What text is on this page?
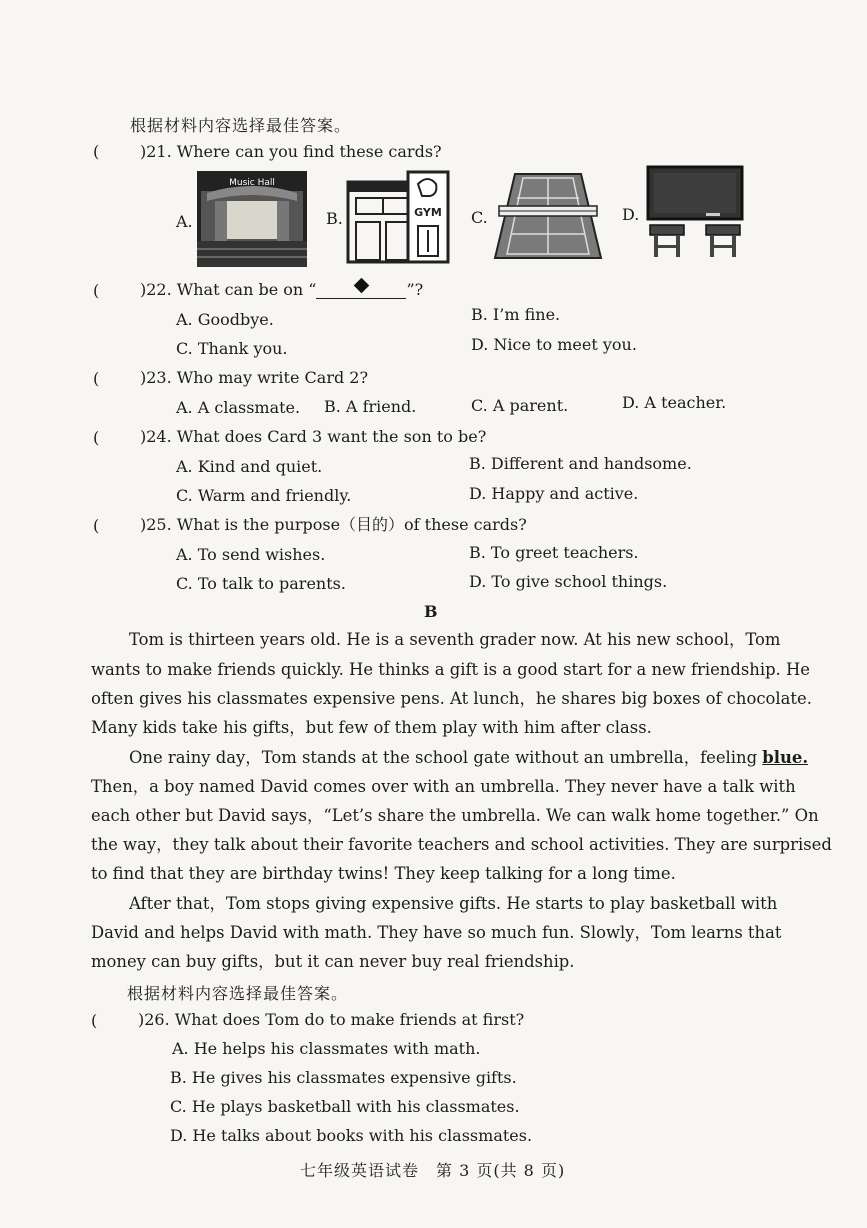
根据材料内容选择最佳答案。
(	)21. Where can you find these cards?
A.
Music Hall
B.	GYM C.	D.
(	)22. What can be on “	”?
A. Goodbye.	B. I’m fine.
C. Thank you.	D. Nice to meet you.
(	)23. Who may write Card 2?
A. A classmate. B. A friend.	C. A parent.	D. A teacher.
(	)24. What does Card 3 want the son to be?
A. Kind and quiet.	B. Different and handsome.
C. Warm and friendly.	D. Happy and active.
(	)25. What is the purpose（目的）of these cards?
A. To send wishes.	B. To greet teachers.
C. To talk to parents.	D. To give school things.
B
Tom is thirteen years old. He is a seventh grader now. At his new school，Tom
wants to make friends quickly. He thinks a gift is a good start for a new friendship. He
often gives his classmates expensive pens. At lunch，he shares big boxes of chocolate.
Many kids take his gifts，but few of them play with him after class.
One rainy day，Tom stands at the school gate without an umbrella，feeling blue.
Then，a boy named David comes over with an umbrella. They never have a talk with
each other but David says，“Let’s share the umbrella. We can walk home together.” On
the way，they talk about their favorite teachers and school activities. They are surprised
to find that they are birthday twins! They keep talking for a long time.
After that，Tom stops giving expensive gifts. He starts to play basketball with
David and helps David with math. They have so much fun. Slowly，Tom learns that
money can buy gifts，but it can never buy real friendship.
根据材料内容选择最佳答案。
(	)26. What does Tom do to make friends at first?
A. He helps his classmates with math.
B. He gives his classmates expensive gifts.
C. He plays basketball with his classmates.
D. He talks about books with his classmates.
七年级英语试卷　第 3 页(共 8 页)
